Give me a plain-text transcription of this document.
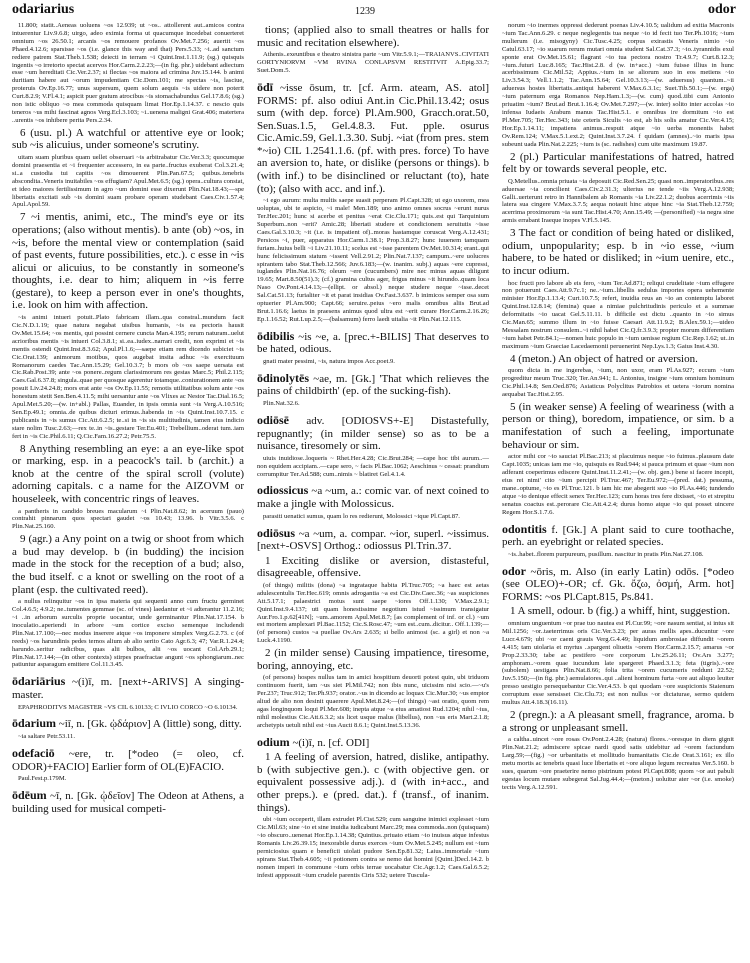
odariarius	1239	odor

11.800; statit..Aeneas uoluens ~os 12.939; ut ~os.. attollerent aut..amicos contra intuerentur Liv.9.6.8; uirgo, adeo eximia forma ut quacumque incedebat conuerteret omnium ~os 26.50.1; arcanis ~os remouere profanos Ov.Met.7.256; auertit ~os Phaed.4.12.6; sparsisse ~os (i.e. glance this way and that) Pers.5.33; ~i..ad sanctum rediere patrem Stat.Theb.1.538; deiecti in terram ~i Quint.Inst.1.11.9; (sg.) quisquis ingentis ~o irretorto spectat acervos Hor.Carm.2.2.23;—(in fig. phr.) uidebant adiectum esse ~um hereditati Cic.Ver.2.37; si flectas ~os maiora ad crimina Juv.15.144. b animi duritiam habere aut ~orum impudentiam Cic.Dom.101; me spectas ~is, lasciue, proteruis Ov.Ep.16.77; unus supersum, quem solum aequis ~is uidere non poterit Curt.8.2.9; V.Fl.4.1; aspicit puer gratum atrocibus ~is stomachabundus Gel.17.8.6; (sg.) non istic obliquo ~o mea commoda quisquam limat Hor.Ep.1.14.37. c nescio quis teneros ~us mihi fascinat agnos Verg.Ecl.3.103; ~i..uenena maligni Grat.406; matertera ..urentis ~os inhibere perita Pers.2.34.

6 (usu. pl.) A watchful or attentive eye or look; sub ~is alicuius, under someone's scrutiny.

uitam suam pluribus quam uellet obseruari ~is arbitrabatur Cic.Ver.3.3; quocumque domini praesentia et ~i frequenter accessero, in ea parte..fructus exuberat Col.3.21.4; si..a custodia tui capitis ~os dimouerent Plin.Pan.67.5; quibus..tenebris abscondita..Veneris inuitabiles ~os effugiam? Apul.Met.6.5; (sg.) opera..cultura constat, et ideo maiores fertilissimum in agro ~um domini esse dixerunt Plin.Nat.18.43;—spe libertatis excitati sub ~is domini suam probare operam studebant Caes.Civ.1.57.4; Apul.Apol.59.

7 ~i mentis, animi, etc., The mind's eye or its operations; (also without mentis). b ante (ob) ~os, in ~is, before the mental view or contemplation (said of past events, future possibilities, etc.). c esse in ~is alicui or alicuius, to be constantly in someone's thoughts, i.e. dear to him; aliquem in ~is ferre (gestare), to keep a person ever in one's thoughts, i.e. look on him with affection.

~is animi intueri potuit..Plato fabricam illam..qua constral..mundum facit Cic.N.D.1.19; quae natura negabat uisibus humanis, ~is ea pectoris hausit Ov.Met.15.64; ~os mentis, qui possint cernere cuncta Man.4.195; rerum naturam..uelut acrioribus mentis ~is intueri Col.3.8.1; si..ea..iudex..narrari credit, non exprimi et ~is mentis ostendi Quint.Inst.8.3.62; Apul.Pl.1.6;—saepe etiam rem dicendo subiciet ~is Cic.Orat.139; animorum motibus, quos augebat insita adhuc ~is exercituum Romanorum caedes Tac.Ann.15.29; Gel.10.3.7; b mors ob ~os saepe uersata est Cic.Rab.Post.39; ante ~os ponere..regum clarissimorum res gestas Marc.5; Phil.2.115; Caes.Gal.6.37.8; singula..quae per quosque agerentur totamque..coniurationem ante ~os posuit Liv.24.24.8; mors erat ante ~os Ov.Ep.11.55; remotis utilitatibus solum ante ~os honestum stetit Sen.Ben.4.11.5; mihi uersantur ante ~os Vlixes ac Nestor Tac.Dial.16.5; Apul.Met.5.20;—(w. in+abl.) Pallas, Euander, in ipsis omnia sunt ~is Verg.A.10.516; Sen.Ep.49.1; omnia..de quibus dicturi erimus..habenda in ~is Quint.Inst.10.7.15. c publicanis in ~is sumus Cic.Att.6.2.5; te..si in ~is sis multitudinis, tamen eius indicio stare nolim Tusc.2.63;—rex te..in ~is..gestare Ter.Eu.401; Trebellium..oderat tum..iam fert in ~is Cic.Phil.6.11; Q.Cic.Fam.16.27.2; Petr.75.5.

8 Anything resembling an eye: a an eye-like spot or marking, esp. in a peacock's tail. b (archit.) a knob at the centre of the spiral scroll (volute) adorning capitals. c a name for the AIZOVM or houseleek, with concentric rings of leaves.

a pantheris in candido breues macularum ~i Plin.Nat.8.62; in aceruum (pauo) contrahit pinnarum quos spectari gaudet ~os 10.43; 13.96. b Vitr.3.5.6. c Plin.Nat.25.160.

9 (agr.) a Any point on a twig or shoot from which a bud may develop. b (in budding) the incision made in the stock for the reception of a bud; also, the bud itself. c a knot or swelling on the root of a plant (esp. the cultivated reed).

a nullus relinquitur ~os in ipsa materia qui sequenti anno cum fructu germinet Col.4.6.5; 4.9.2; ne..tumentes gemmae (sc. of vines) laedantur et ~i adterantur 11.2.16; ~i ..in arborum surculis proprie uocantur, unde germinantur Plin.Nat.17.154. b inoculatio..aperiendi in arbore ~um cortice exciso semenque includendi Plin.Nat.17.100;—nec modus inserere atque ~os imponere simplex Verg.G.2.73. c (of reeds) ~os harundinis pedes ternos alium ab alio serito Cato Agr.6.3; 47; Var.R.1.24.4; harundo..seritur radicibus, quas alii bulbos, alii ~os uocant Col.Arb.29.1; Plin.Nat.17.144;—(in other contexts) stirpes praefractae angunt ~os sphongiarum..nec patiuntur asparagum emittere Col.11.3.45.

ōdariārius ~(i)ī, m. [next+-ARIVS] A singing-master.

EPAPHRODITVS MAGISTER ~VS CIL 6.10133; C IVLIO CORCO ~O 6.10134.

ōdarium ~iī, n. [Gk. ᾠδάριον] A (little) song, ditty.

~ia saltare Petr.53.11.

odefaciō ~ere, tr. [*odeo (= oleo, cf. ODOR)+FACIO] Earlier form of OL(E)FACIO.

Paul.Fest.p.179M.

ōdēum ~ī, n. [Gk. ᾠδεῖον] The Odeon at Athens, a building used for musical competi-

tions; (applied also to small theatres or halls for music and recitation elsewhere).

Athenis..exeuntibus e theatro sinistra parte ~um Vitr.5.9.1;—TRAIANVS..CIVITATI GORTYNIORVM ~VM RVINA CONLAPSVM RESTITVIT A.Epig.33.7; Suet.Dom.5.

ōdī ~isse ōsum, tr. [cf. Arm. ateam, AS. atol] FORMS: pf. also odiui Ant.in Cic.Phil.13.42; osus sum (with dep. force) Pl.Am.900, Gracch.orat.50, Sen.Suas.1.5, Gel.4.8.3. Fut. pple. osurus Cic.Amic.59, Gel.1.3.30. Subj. ~iat (from pres. stem *~io) CIL 1.2541.1.6. (pf. with pres. force) To have an aversion to, hate, or dislike (persons or things). b (with inf.) to be disinclined or reluctant (to), hate (to); (also with acc. and inf.).

~i ego aurum: multa multis saepe suasit perperam Pl.Capt.328; ut ego uxorem, mea uoluptas, ubi te aspicio, ~i male! Men.189; uno animo omnes socrus ~erunt nurus Ter.Hec.201; hunc si acerbe et penitus ~erat Cic.Clu.171; quis..est qui Tarquinium Superbum..non ~erit? Amic.28; libertati studere et condicionem seruitutis ~isse Caes.Gal.3.10.3; ~it (i.e. is impatient of)..moras hastamque coruscat Verg.A.12.431; Persicos ~i, puer, apparatus Hor.Carm.1.38.1; Prop.3.8.27; hunc iuuenem tamquam furiam..huius belli ~i Liv.21.10.11; scelus est ~isse parentem Ov.Met.10.314; erant..qui hunc felicissimum statum ~issent Vell.2.91.2; Plin.Nat.7.137; campum..~ere uolucres spirantem tabo Stat.Theb.12.566; Juv.6.183;—(w. inanim. subj.) aquas ~ere cupressi, iuglandes Plin.Nat.16.76; oleum ~ere (cucumbers) mire nec minus aquas diligunt 19.65; Mart.8.50(51).3; (cf.) gramina cultus ager, frigus minus ~it hirundo..quam loca Naso Ov.Pont.4.14.13;—(ellipt. or absol.) neque studere neque ~isse..decet Sal.Cat.51.13; furialiter ~it et parat insidias Ov.Fast.3.637. b inimicos semper osa sum optuerier Pl.Am.900; Capt.66; seruire..peius ~ero malis omnibus aliis Brut.ad Brut.1.16.6; laetus in praesens animus quod ultra est ~erit curare Hor.Carm.2.16.26; Ep.1.16.52; Rut.Lup.2.5;—(balsamum) ferro laedi uitalia ~it Plin.Nat.12.115.

ōdibilis ~is ~e, a. [prec.+-BILIS] That deserves to be hated, odious.

gnati mater pessimi, ~is, natura impos Acc.poet.9.

ōdinolytēs ~ae, m. [Gk.] 'That which relieves the pains of childbirth' (ep. of the sucking-fish).

Plin.Nat.32.6.

odiōsē adv. [ODIOSVS+-E] Distastefully, repugnantly; (in milder sense) so as to be a nuisance, tiresomely or sim.

uiuis inuidiose..loqueris ~ Rhet.Her.4.28; Cic.Brut.284; —cape hoc tibi aurum..— non equidem accipiam..—cape sero, ~ facis Pl.Bac.1062; Aeschinus ~ cessat: prandium corrumpitur Ter.Ad.588; cum..nimis ~ blatiret Gel.4.1.4.

odiossicus ~a ~um, a.: comic var. of next coined to make a jingle with Molossicus.

parasiti uenatici sumus, quam lo res redierunt, Molossici ~ique Pl.Capt.87.

odiōsus ~a ~um, a. compar. ~ior, superl. ~issimus. [next+-OSVS] Orthog.: odiossus Pl.Trin.37.

1 Exciting dislike or aversion, distasteful, disagreeable, offensive.

(of things) militis (dona) ~a ingrataque habita Pl.Truc.705; ~a haec est aetas adulescentulis Ter.Hec.619; omnis adrogantia ~a est Cic.Div.Caec.36; ~as suspiciones Att.5.17.1; palaestrici motus sunt saepe ~iores Off.1.130; V.Max.2.9.1; Quint.Inst.9.4.137; uti quam honestissime negotium istud ~issimum transigatur Aur.Fro.1.p.62[41N]; ~um..amorem Apul.Met.8.7; [as complement of inf. or cl.) ~um est mortem amplexari Pl.Bac.1152; Cic.S.Rosc.47; ~um est..cum..dicitur.. Off.1.139;—(of persons) custos ~a puellae Ov.Ars 2.635; si bello animosi (sc. a girl) et non ~a Luck.4.1190.

2 (in milder sense) Causing impatience, tiresome, boring, annoying, etc.

(of persons) hospes nullus tam in amici hospitium deuorti potest quin, ubi triduom continuom fuerit, iam ~us siet Pl.Mil.742; non ibis nunc, uicissim nisi scio.—~u's Per.237; Truc.912; Ter.Ph.937; orator..~us in dicendo ac loquax Cic.Mur.30; ~us emptor aliud de alio non desinit quaerere Apul.Met.8.24;—(of things) ~ast oratio, quom rem agas longinquom loqui Pl.Mer.608; inepta atque ~a eius amatiost Rud.1204; nihil ~ius, nihil molestius Cic.Att.6.3.2; sis licet usque malus (libellus), non ~us eris Mart.2.1.8; archetypis uetuli nihil est ~ius Aucti 8.6.1; Quint.Inst.5.13.36.

odium ~(i)ī, n. [cf. ODI]

1 A feeling of aversion, hatred, dislike, antipathy. b (with subjective gen.). c (with objective gen. or equivalent possessive adj.). d (with in+acc., and other preps.). e (pred. dat.). f (transf., of inanim. things).

ubi ~ium occeperit, illam extrudet Pl.Cist.529; cum sanguine inimici explesset ~ium Cic.Mil.63; sine ~io et sine inuidia iudicabunt Marc.29; mea commoda..non (quisquam) ~io obscuro..uenenat Hor.Ep.1.14.38; Quintius..priuato etiam ~io inuisus atque infestus Romanis Liv.26.39.15; inexorabile durus exerces ~ium Ov.Met.5.245; nullum est ~ium perniciosius quam e beneficii uiolati pudore Sen.Ep.81.32; Laius..immortale ~ium spirans Stat.Theb.4.605; ~ii potionem contra se nemo dat homini [Quint.]Decl.14.2. b nomen imperi in commune ~ium orbis terrae uocabatur Cic.Agr.1.2; Caes.Gal.6.5.2; infesti appposuit ~ium crudele parentis Ciris 532; uetere Tuscula-

norum ~io inermes oppressi dederunt poenas Liv.4.10.5; ualidum ad exitia Macronis ~ium Tac.Ann.6.29. c neque neglegentis tua neque ~io id fecit tuo Ter.Ph.1016; ~ium mulierum (i.e. misogyny) Cic.Tusc.4.25; corpus exirastis Veneris nimio ~io Catul.63.17; ~io suarum rerum mutari omnia student Sal.Cat.37.3; ~io..tyrannidis exul sponte erat Ov.Met.15.61; flagrant ~io tua pectora nostro Tr.4.9.7; Curt.8.12.3; ~ium..futuri Luc.8.165; Tac.Hist.2.8. d (w. in+acc.) ~ium fuisse illius in hunc acerbissimum Cic.Mil.52; Appius..~ium in se aliorum suo in eos metiens ~io Liv.3.54.3; Vell.1.1.2; Tac.Ann.15.64; Gel.10.3.13;—(w. aduersus) quantum..~ii aduersus hostes libertatis..antiqui haberent V.Max.6.3.1c; Suet.Tib.50.1;—(w. erga) ~ium paternum erga Romanos Nep.Ham.1.3;—(w. cum) quod..tibi cum Antonio priuatim ~ium? Brut.ad Brut.1.16.4; Ov.Met.7.297;—(w. inter) solito inter accolas ~io infensa Iudaeis Arabum manus Tac.Hist.5.1. e omnibus ire dormitum ~io est Pl.Mer.705; Ter.Hec.343; iste ceteris Siculis ~io est, ab his solis amatur Cic.Ver.4.15; Hor.Ep.1.14.11; impatiens animus..respuit atque ~io uerba monentis habet Ov.Rem.124; V.Max.5.1.ext.2; Quint.Inst.3.7.24. f quidam (amnes)..~io maris ipsa subeunt uada Plin.Nat.2.225; ~ium is (sc. radishes) cum uite maximum 19.87.

2 (pl.) Particular manifestations of hatred, hatred felt by or towards several people, etc.

Q.Metellus..omnia priuata ~ia deposuit Cic.Red.Sen.25; quasi non..imperatoribus..res aduersae ~ia concilient Caes.Civ.2.31.3; ulterius ne tende ~iis Verg.A.12.938; Galli..uerterunt retro in Hannibalem ab Romanis ~ia Liv.22.1.2; duobus acerrimis ~iis latera sua cingere V.Max.3.7.5; aequa notauit hinc atque hinc ~ia Stat.Theb.12.759; acerrima proximorum ~ia sunt Tac.Hist.4.70; Ann.15.49; —(personified) ~ia negra sine armis errabant Iraeque inopes V.Fl.5.145.

3 The fact or condition of being hated or disliked, odium, unpopularity; esp. b in ~io esse, ~ium habere, to be hated or disliked; in ~ium uenire, etc., to incur odium.

hoc fructi pro labore ab eis fero, ~ium Ter.Ad.871; reliqui crudelitate ~ium effugere non potuerunt Caes.Att.9.7c.1; ne..~ium..libellis sedulus importes opera uehemente minister Hor.Ep.1.13.4; Curt.10.7.5; refert, inuidia reus an ~io an contemptu laboret Quint.Inst.12.8.14; (femina) quae a nimiae pulchritudinis periculo et a summae deformitatis ~io uacat Gel.5.11.11. b difficile est dictu ..quanto in ~io simus Cic.Man.65; summo illum in ~io fuisse Caesari Att.11.9.2; B.Alex.59.1;—uideo Messalam nostrum consulem..~i nihil habet Cic.Q.fr.3.9.3; propter morum differentiam ~ium habet Petr.84.1;—nomen huic populo in ~ium uenisse regium Cic.Rep.1.62; ut..in maximum ~ium Graeciae Lacedaemonii peruenerint Nep.Lys.1.3; Gaius Inst.4.30.

4 (meton.) An object of hatred or aversion.

quom dicta in me ingerebas, ~ium, non uxor, eram Pl.As.927; eccum ~ium progreditur meum Truc.320; Ter.An.941; L. Antonius, insigne ~ium omnium hominum Cic.Phil.14.8; Sen.Oed.876; Asiaticus Polyclitus Patrobios et uetera ~iorum nomina aequabat Tac.Hist.2.95.

5 (in weaker sense) A feeling of weariness (with a person or thing), boredom, impatience, or sim. b a manifestation of such a feeling, importunate behaviour or sim.

actor mihi cor ~io sauciat Pl.Bac.213; si placuimus neque ~io fuimus..plausum date Capt.1035; unicas iam me ~io, quisquis es Rud.944; si pauca primum et quae ~ium non adferant coeperimus ediscere Quint.Inst.11.2.41;—(w. obj. gen.) bene si facere incepit, eius rei nimi' cito ~ium percipit Pl.Truc.467; Ter.Eu.972;—(pred. dat.) pessuma, mane..optume, ~io es Pl.Truc.121. b iam hic me abegerit suo ~io Pl.As.446; tundendo atque ~io denique effecit senex Ter.Hec.123; cum horas tres fere dixisset, ~io et strepitu senatus coactus est..perorare Cic.Att.4.2.4; durus homo atque ~io qui posset uincere Regem Hor.S.1.7.6.

odontitis f. [Gk.] A plant said to cure toothache, perh. an eyebright or related species.

~is..habet..florem purpureum, pusillum. nascitur in pratis Plin.Nat.27.108.

odor ~ōris, m. Also (in early Latin) odōs. [*odeo (see OLEO)+-OR; cf. Gk. ὄζω, ὀσμή, Arm. hot] FORMS: ~os Pl.Capt.815, Ps.841.

1 A smell, odour. b (fig.) a whiff, hint, suggestion.

omnium unguentum ~or prae tuo nautea est Pl.Cur.99; ~ore nasum sentiat, si intus sit Mil.1256; ~or..taeterrimus oris Cic.Ver.3.23; per auras mellis apes..ducuntur ~ore Lucr.4.679; ubi ~or caeni grauis Verg.G.4.49; liquidum ambrosiae diffundit ~orem 4.415; tam uiolaria et myrtus ..spargent oliuetis ~orem Hor.Carm.2.15.7; amarus ~or Prop.2.33.30; tabe ac pestifero ~ore corporum Liv.25.26.11; Ov.Ars 3.277; amphoram..~orem quae iucundum late spargeret Phaed.3.1.3; feta (tigris)..~ore (subolem) uestigans Plin.Nat.8.66; folia trita ~orem cucumeris reddunt 22.52; Juv.5.150;—(in fig. phr.) aemulatores..qui ..alieni hominum furta ~ore aut aliquo leuiter presso uestigio persequebantur Cic.Ver.4.53. b qui quodam ~ore suspicionis Staienum corruptum esse sensisset Cic.Clu.73; est non nullus ~or dictaturae, sermo quidem multus Att.4.18.3(16.11).

2 (pregn.): a A pleasant smell, fragrance, aroma. b a strong or unpleasant smell.

a caltha..uincet ~ore rosas Ov.Pont.2.4.28; (natura) flores..~oresque in diem gignit Plin.Nat.21.2; admiscere spicae nardi quod satis uidebitur ad ~orem faciundum Larg.59;—(fig.) ~or urbanitatis et mollitudo humanitatis Cic.de Orat.3.161; ex illo metu mortis ac tenebris quasi luce libertatis et ~ore aliquo legum recreatus Ver.5.160. b sues, quarum ~ore praeterire nemo pistrinum potest Pl.Capt.808; quom ~or aut pabuli egestas locum mutare subegerat Sal.Jug.44.4;—(meton.) uoluitur ater ~or (i.e. smoke) tectis Verg.A.12.591.
